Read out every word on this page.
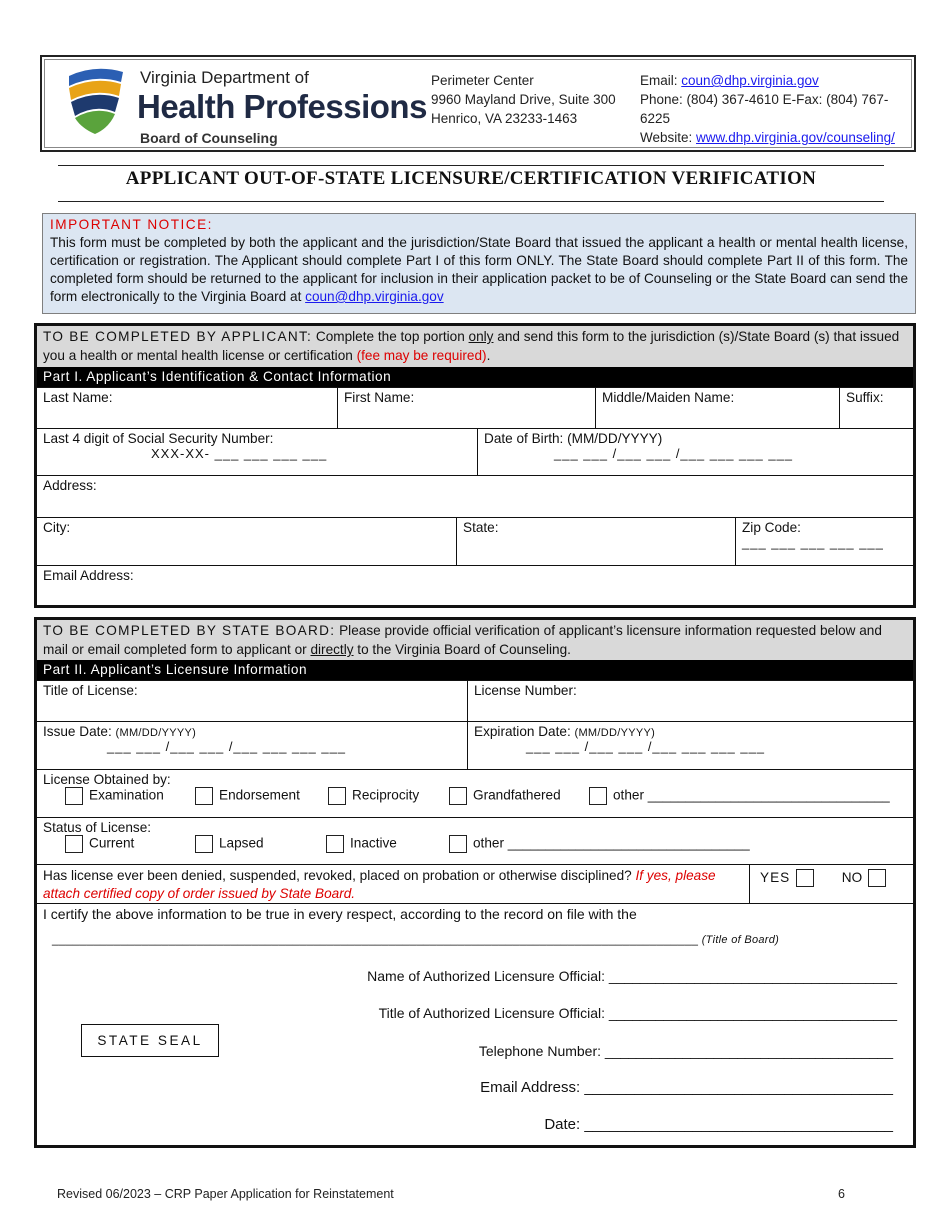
Virginia Department of
Health Professions
Board of Counseling
Perimeter Center
9960 Mayland Drive, Suite 300
Henrico, VA 23233-1463
Email: coun@dhp.virginia.gov
Phone: (804) 367-4610 E-Fax: (804) 767-6225
Website: www.dhp.virginia.gov/counseling/
APPLICANT OUT-OF-STATE LICENSURE/CERTIFICATION VERIFICATION
IMPORTANT NOTICE:
This form must be completed by both the applicant and the jurisdiction/State Board that issued the applicant a health or mental health license, certification or registration. The Applicant should complete Part I of this form ONLY. The State Board should complete Part II of this form. The completed form should be returned to the applicant for inclusion in their application packet to be of Counseling or the State Board can send the form electronically to the Virginia Board at coun@dhp.virginia.gov
TO BE COMPLETED BY APPLICANT: Complete the top portion only and send this form to the jurisdiction (s)/State Board (s) that issued you a health or mental health license or certification (fee may be required).
Part I. Applicant’s Identification & Contact Information
Last Name:	First Name:	Middle/Maiden Name:	Suffix:
Last 4 digit of Social Security Number:
XXX-XX- ___ ___ ___ ___
Date of Birth: (MM/DD/YYYY)
___ ___ /___ ___ /___ ___ ___ ___
Address:
City:	State:	Zip Code:
___ ___ ___ ___ ___
Email Address:
TO BE COMPLETED BY STATE BOARD: Please provide official verification of applicant’s licensure information requested below and mail or email completed form to applicant or directly to the Virginia Board of Counseling.
Part II. Applicant’s Licensure Information
Title of License:	License Number:
Issue Date: (MM/DD/YYYY)
___ ___ /___ ___ /___ ___ ___ ___
Expiration Date: (MM/DD/YYYY)
___ ___ /___ ___ /___ ___ ___ ___
License Obtained by:
Examination	Endorsement	Reciprocity	Grandfathered	other ________________________________
Status of License:
Current	Lapsed	Inactive	other ________________________________
Has license ever been denied, suspended, revoked, placed on probation or otherwise disciplined? If yes, please attach certified copy of order issued by State Board.
YES	NO
I certify the above information to be true in every respect, according to the record on file with the
______________________________________________________________________________________________ (Title of Board)
Name of Authorized Licensure Official: _____________________________________
Title of Authorized Licensure Official: _____________________________________
Telephone Number: _____________________________________
Email Address: _____________________________________
Date: _____________________________________
STATE SEAL
Revised 06/2023 – CRP Paper Application for Reinstatement	6
